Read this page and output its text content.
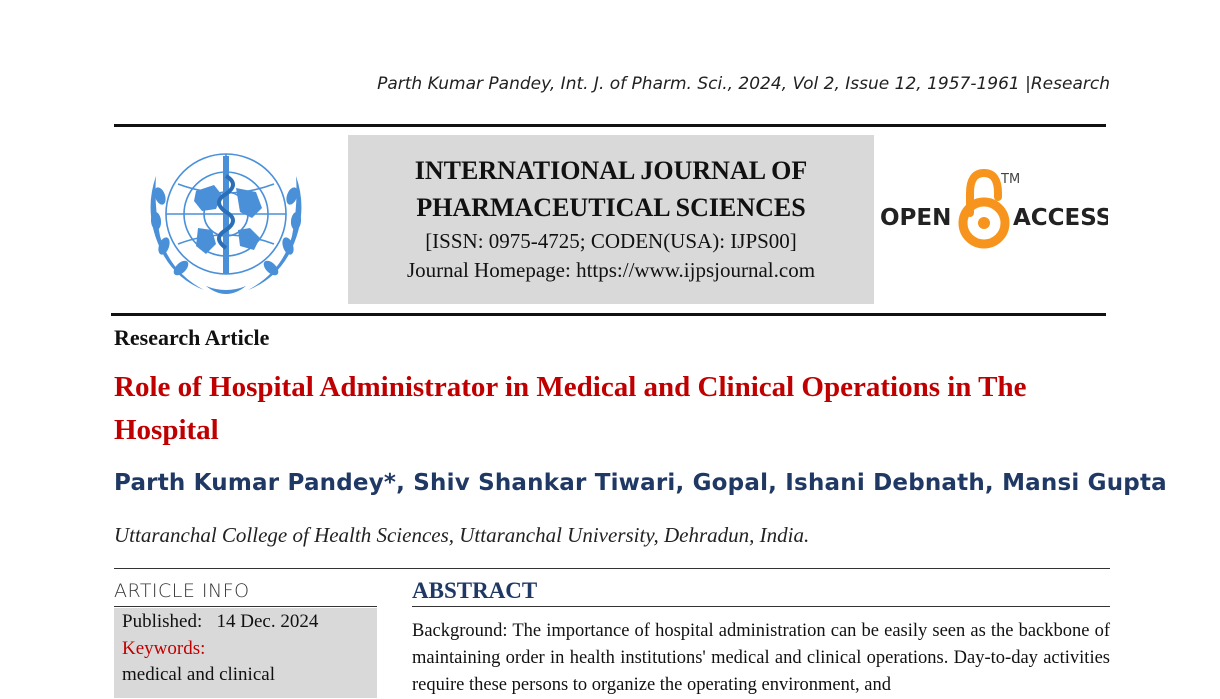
Parth Kumar Pandey, Int. J. of Pharm. Sci., 2024, Vol 2, Issue 12, 1957-1961 |Research
INTERNATIONAL JOURNAL OF
PHARMACEUTICAL SCIENCES
[ISSN: 0975-4725; CODEN(USA): IJPS00]
Journal Homepage: https://www.ijpsjournal.com
OPEN
TM
ACCESS
Research Article
Role of Hospital Administrator in Medical and Clinical Operations in The Hospital
Parth Kumar Pandey*, Shiv Shankar Tiwari, Gopal, Ishani Debnath, Mansi Gupta
Uttaranchal College of Health Sciences, Uttaranchal University, Dehradun, India.
ARTICLE INFO
Published: 14 Dec. 2024
Keywords:
medical and clinical
ABSTRACT
Background: The importance of hospital administration can be easily seen as the backbone of maintaining order in health institutions' medical and clinical operations. Day-to-day activities require these persons to organize the operating environment, and
